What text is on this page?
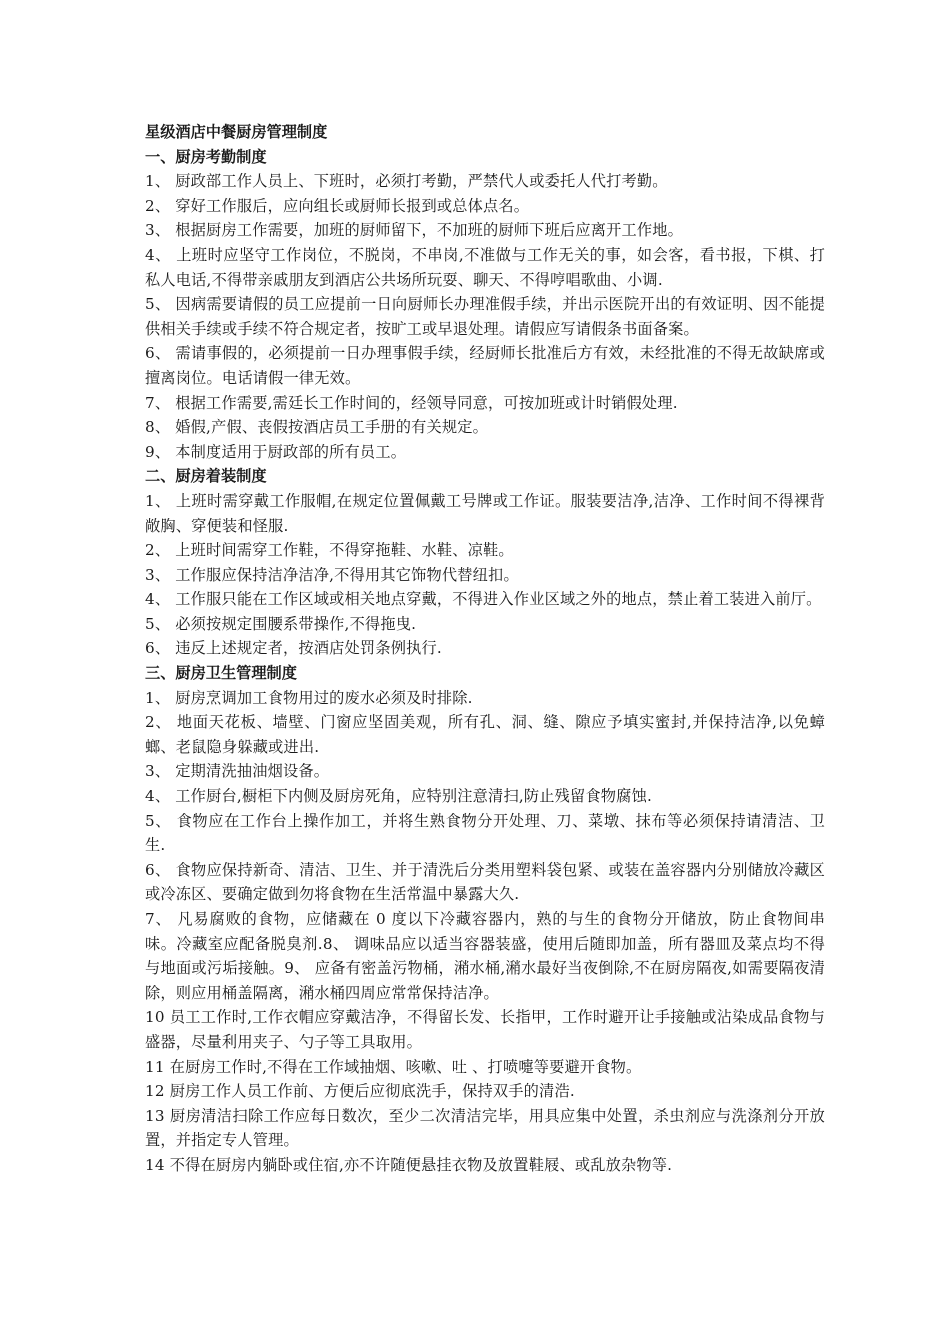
星级酒店中餐厨房管理制度

一、厨房考勤制度

1、 厨政部工作人员上、下班时，必须打考勤，严禁代人或委托人代打考勤。

2、 穿好工作服后，应向组长或厨师长报到或总体点名。

3、 根据厨房工作需要，加班的厨师留下，不加班的厨师下班后应离开工作地。

4、 上班时应坚守工作岗位，不脱岗，不串岗,不准做与工作无关的事，如会客，看书报，下棋、打私人电话,不得带亲戚朋友到酒店公共场所玩耍、聊天、不得哼唱歌曲、小调.

5、 因病需要请假的员工应提前一日向厨师长办理准假手续，并出示医院开出的有效证明、因不能提供相关手续或手续不符合规定者，按旷工或早退处理。请假应写请假条书面备案。

6、 需请事假的，必须提前一日办理事假手续，经厨师长批准后方有效，未经批准的不得无故缺席或擅离岗位。电话请假一律无效。

7、 根据工作需要,需廷长工作时间的，经领导同意，可按加班或计时销假处理.

8、 婚假,产假、丧假按酒店员工手册的有关规定。

9、 本制度适用于厨政部的所有员工。

二、厨房着装制度

1、 上班时需穿戴工作服帽,在规定位置佩戴工号牌或工作证。服装要洁净,洁净、工作时间不得裸背敞胸、穿便装和怪服.

2、 上班时间需穿工作鞋，不得穿拖鞋、水鞋、凉鞋。

3、 工作服应保持洁净洁净,不得用其它饰物代替纽扣。

4、 工作服只能在工作区域或相关地点穿戴，不得进入作业区域之外的地点，禁止着工装进入前厅。

5、 必须按规定围腰系带操作,不得拖曳.

6、 违反上述规定者，按酒店处罚条例执行.

三、厨房卫生管理制度

1、 厨房烹调加工食物用过的废水必须及时排除.

2、 地面天花板、墙壁、门窗应坚固美观，所有孔、洞、缝、隙应予填实蜜封,并保持洁净,以免蟑螂、老鼠隐身躲藏或进出.

3、 定期清洗抽油烟设备。

4、 工作厨台,橱柜下内侧及厨房死角，应特别注意清扫,防止残留食物腐蚀.

5、 食物应在工作台上操作加工，并将生熟食物分开处理、刀、菜墩、抹布等必须保持请清洁、卫生.

6、 食物应保持新奇、清洁、卫生、并于清洗后分类用塑料袋包紧、或装在盖容器内分别储放冷藏区或冷冻区、要确定做到勿将食物在生活常温中暴露大久.

7、 凡易腐败的食物，应储藏在 0 度以下冷藏容器内，熟的与生的食物分开储放，防止食物间串味。冷藏室应配备脱臭剂.8、 调味品应以适当容器装盛，使用后随即加盖，所有器皿及菜点均不得与地面或污垢接触。9、 应备有密盖污物桶，潲水桶,潲水最好当夜倒除,不在厨房隔夜,如需要隔夜清除，则应用桶盖隔离，潲水桶四周应常常保持洁净。

10 员工工作时,工作衣帽应穿戴洁净，不得留长发、长指甲，工作时避开让手接触或沾染成品食物与盛器，尽量利用夹子、勺子等工具取用。

11 在厨房工作时,不得在工作域抽烟、咳嗽、吐 、打喷嚏等要避开食物。

12 厨房工作人员工作前、方便后应彻底洗手，保持双手的清浩.

13 厨房清洁扫除工作应每日数次，至少二次清洁完毕，用具应集中处置，杀虫剂应与洗涤剂分开放置，并指定专人管理。

14 不得在厨房内躺卧或住宿,亦不许随便悬挂衣物及放置鞋屐、或乱放杂物等.
